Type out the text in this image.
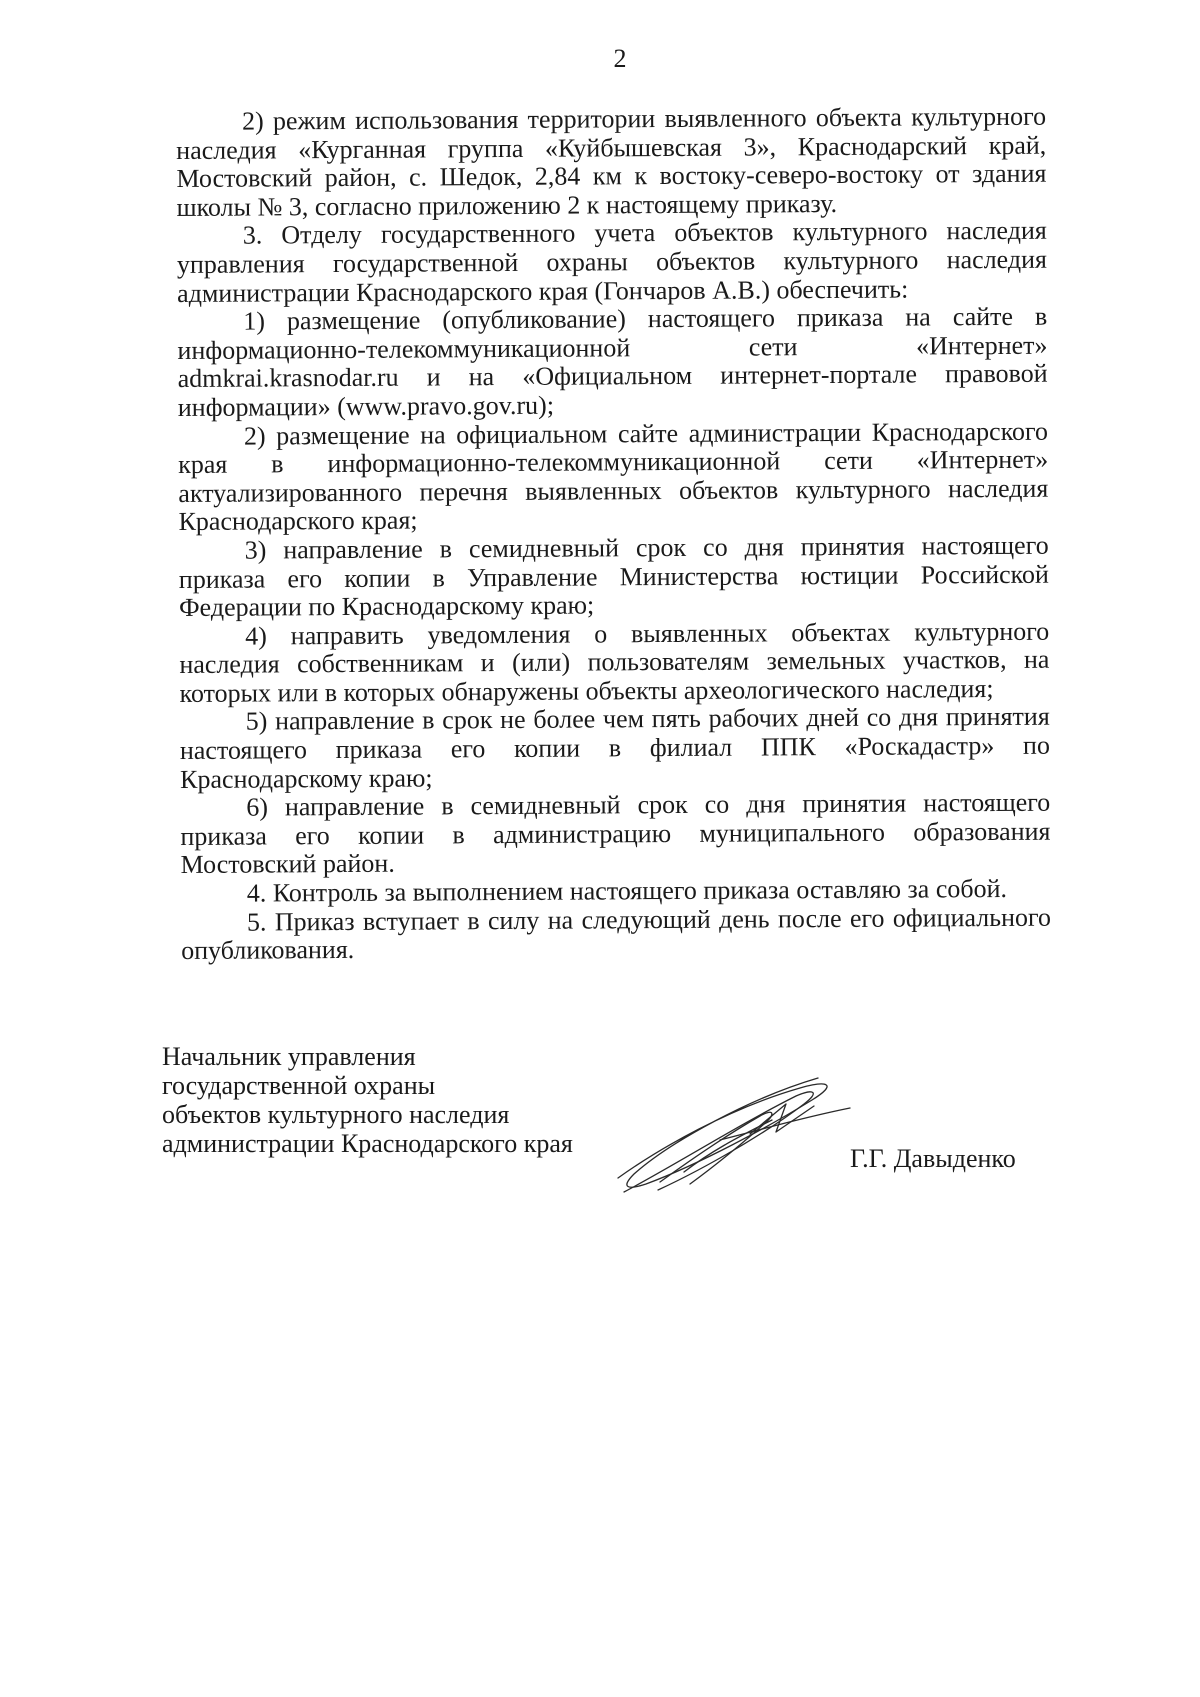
2

2) режим использования территории выявленного объекта культурного наследия «Курганная группа «Куйбышевская 3», Краснодарский край, Мостовский район, с. Шедок, 2,84 км к востоку-северо-востоку от здания школы № 3, согласно приложению 2 к настоящему приказу.

3. Отделу государственного учета объектов культурного наследия управления государственной охраны объектов культурного наследия администрации Краснодарского края (Гончаров А.В.) обеспечить:

1) размещение (опубликование) настоящего приказа на сайте в информационно-телекоммуникационной сети «Интернет» admkrai.krasnodar.ru и на «Официальном интернет-портале правовой информации» (www.pravo.gov.ru);

2) размещение на официальном сайте администрации Краснодарского края в информационно-телекоммуникационной сети «Интернет» актуализированного перечня выявленных объектов культурного наследия Краснодарского края;

3) направление в семидневный срок со дня принятия настоящего приказа его копии в Управление Министерства юстиции Российской Федерации по Краснодарскому краю;

4) направить уведомления о выявленных объектах культурного наследия собственникам и (или) пользователям земельных участков, на которых или в которых обнаружены объекты археологического наследия;

5) направление в срок не более чем пять рабочих дней со дня принятия настоящего приказа его копии в филиал ППК «Роскадастр» по Краснодарскому краю;

6) направление в семидневный срок со дня принятия настоящего приказа его копии в администрацию муниципального образования Мостовский район.

4. Контроль за выполнением настоящего приказа оставляю за собой.

5. Приказ вступает в силу на следующий день после его официального опубликования.

Начальник управления
государственной охраны
объектов культурного наследия
администрации Краснодарского края
Г.Г. Давыденко
